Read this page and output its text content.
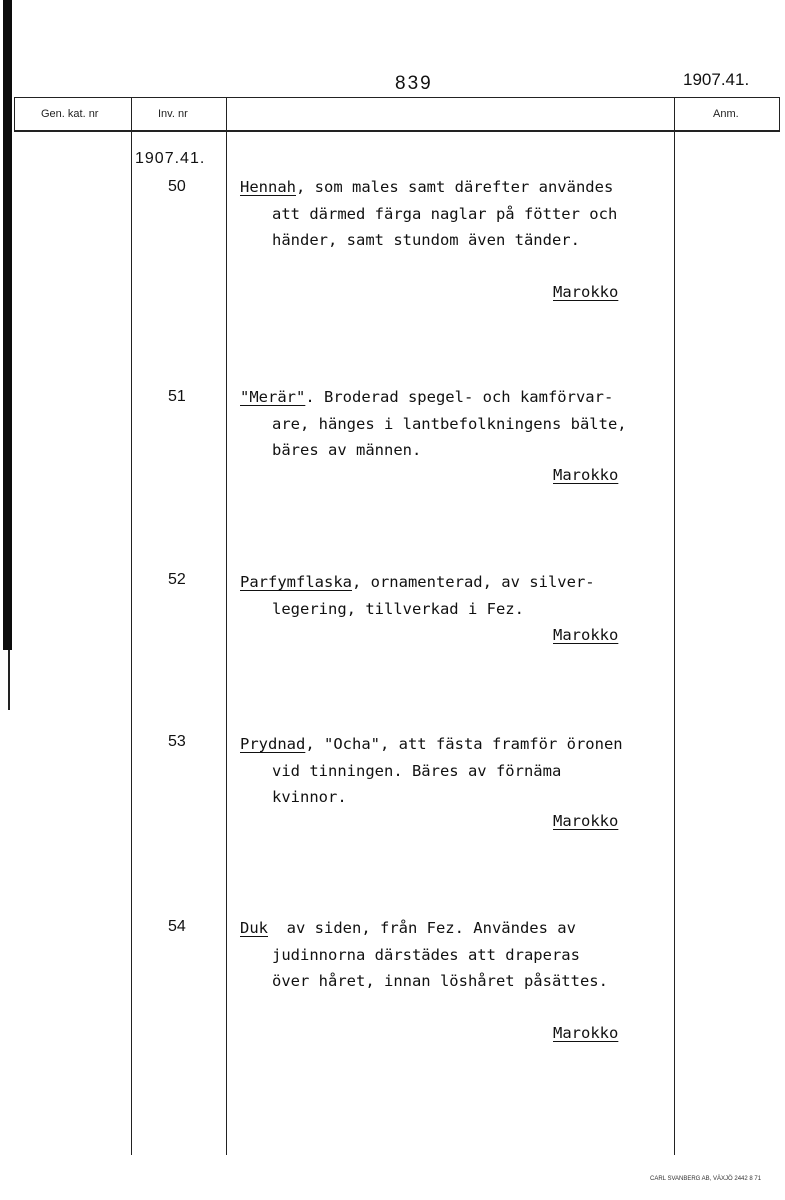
839	1907.41.
Gen. kat. nr	Inv. nr	Anm.
1907.41.
50	Hennah, som males samt därefter användes
att därmed färga naglar på fötter och
händer, samt stundom även tänder.
Marokko
51	"Merär". Broderad spegel- och kamförvar-
are, hänges i lantbefolkningens bälte,
bäres av männen.
Marokko
52	Parfymflaska, ornamenterad, av silver-
legering, tillverkad i Fez.
Marokko
53	Prydnad, "Ocha", att fästa framför öronen
vid tinningen. Bäres av förnäma
kvinnor.
Marokko
54	Duk  av siden, från Fez. Användes av
judinnorna därstädes att draperas
över håret, innan löshåret påsättes.
Marokko
CARL SVANBERG AB, VÄXJÖ 2442 8 71
